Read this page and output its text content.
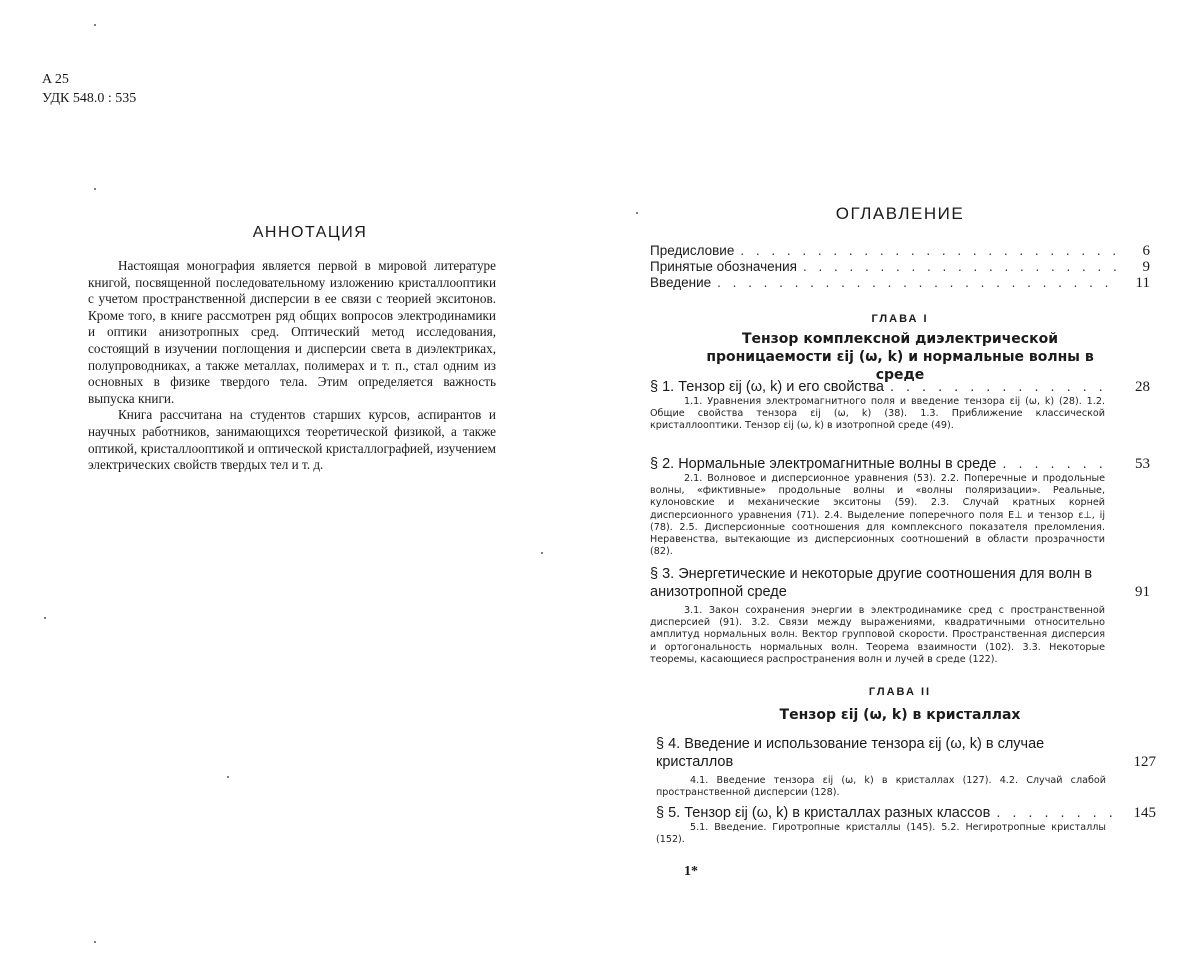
A 25
УДК 548.0 : 535
АННОТАЦИЯ

Настоящая монография является первой в мировой литературе книгой, посвященной последовательному изложению кристаллооптики с учетом пространственной дисперсии в ее связи с теорией экситонов. Кроме того, в книге рассмотрен ряд общих вопросов электродинамики и оптики анизотропных сред. Оптический метод исследования, состоящий в изучении поглощения и дисперсии света в диэлектриках, полупроводниках, а также металлах, полимерах и т. п., стал одним из основных в физике твердого тела. Этим определяется важность выпуска книги.

Книга рассчитана на студентов старших курсов, аспирантов и научных работников, занимающихся теоретической физикой, а также оптикой, кристаллооптикой и оптической кристаллографией, изучением электрических свойств твердых тел и т. д.

ОГЛАВЛЕНИЕ
Предисловие . . .	6
Принятые обозначения . . .	9
Введение . . .	11
ГЛАВА I
Тензор комплексной диэлектрической проницаемости εij (ω, k) и нормальные волны в среде
§ 1. Тензор εij (ω, k) и его свойства . . .	28
1.1. Уравнения электромагнитного поля и введение тензора εij (ω, k) (28). 1.2. Общие свойства тензора εij (ω, k) (38). 1.3. Приближение классической кристаллооптики. Тензор εij (ω, k) в изотропной среде (49).
§ 2. Нормальные электромагнитные волны в среде . . .	53
2.1. Волновое и дисперсионное уравнения (53). 2.2. Поперечные и продольные волны, «фиктивные» продольные волны и «волны поляризации». Реальные, кулоновские и механические экситоны (59). 2.3. Случай кратных корней дисперсионного уравнения (71). 2.4. Выделение поперечного поля E⊥ и тензор ε⊥, ij (78). 2.5. Дисперсионные соотношения для комплексного показателя преломления. Неравенства, вытекающие из дисперсионных соотношений в области прозрачности (82).
§ 3. Энергетические и некоторые другие соотношения для волн в анизотропной среде	91
3.1. Закон сохранения энергии в электродинамике сред с пространственной дисперсией (91). 3.2. Связи между выражениями, квадратичными относительно амплитуд нормальных волн. Вектор групповой скорости. Пространственная дисперсия и ортогональность нормальных волн. Теорема взаимности (102). 3.3. Некоторые теоремы, касающиеся распространения волн и лучей в среде (122).
ГЛАВА II
Тензор εij (ω, k) в кристаллах
§ 4. Введение и использование тензора εij (ω, k) в случае кристаллов	127
4.1. Введение тензора εij (ω, k) в кристаллах (127). 4.2. Случай слабой пространственной дисперсии (128).
§ 5. Тензор εij (ω, k) в кристаллах разных классов . . .	145
5.1. Введение. Гиротропные кристаллы (145). 5.2. Негиротропные кристаллы (152).
1*
